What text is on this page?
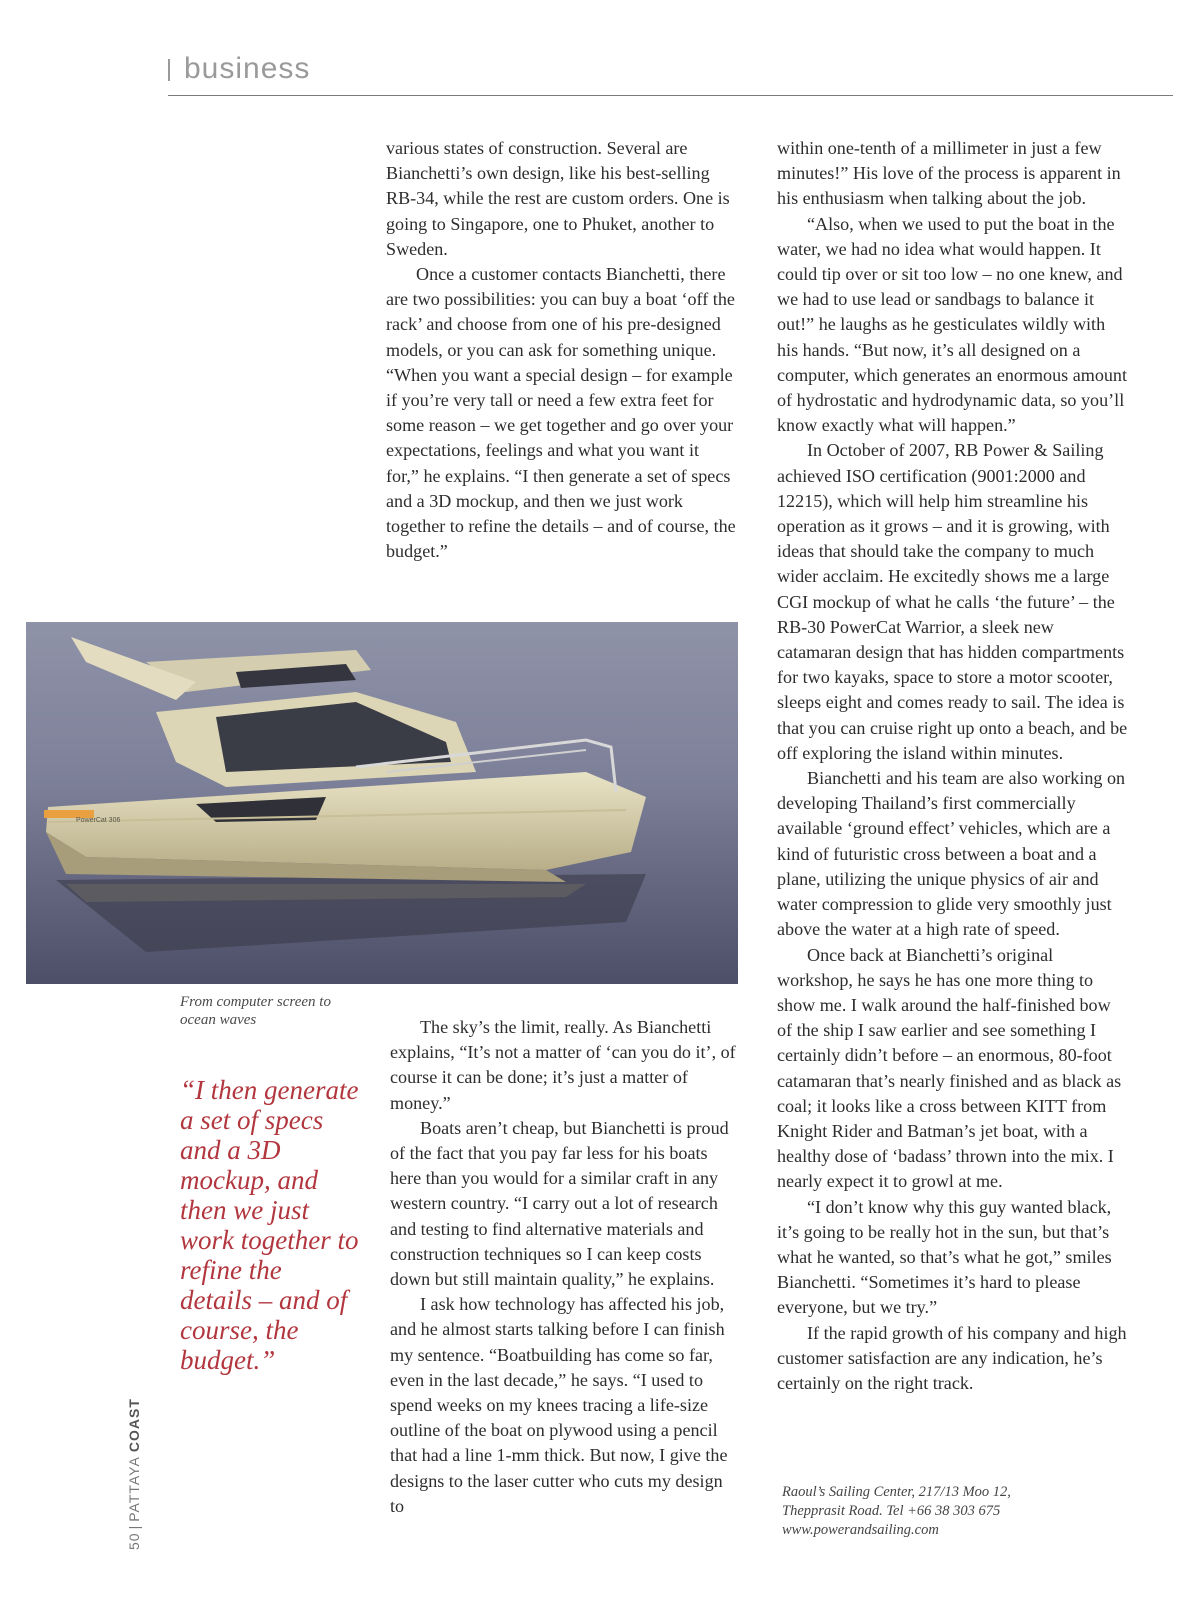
business

various states of construction. Several are Bianchetti’s own design, like his best-selling RB-34, while the rest are custom orders. One is going to Singapore, one to Phuket, another to Sweden.

Once a customer contacts Bianchetti, there are two possibilities: you can buy a boat ‘off the rack’ and choose from one of his pre-designed models, or you can ask for something unique. “When you want a special design – for example if you’re very tall or need a few extra feet for some reason – we get together and go over your expectations, feelings and what you want it for,” he explains. “I then generate a set of specs and a 3D mockup, and then we just work together to refine the details – and of course, the budget.”

PowerCat 306
From computer screen to ocean waves
“I then generate a set of specs and a 3D mockup, and then we just work together to refine the details – and of course, the budget.”

The sky’s the limit, really. As Bianchetti explains, “It’s not a matter of ‘can you do it’, of course it can be done; it’s just a matter of money.”

Boats aren’t cheap, but Bianchetti is proud of the fact that you pay far less for his boats here than you would for a similar craft in any western country. “I carry out a lot of research and testing to find alternative materials and construction techniques so I can keep costs down but still maintain quality,” he explains.

I ask how technology has affected his job, and he almost starts talking before I can finish my sentence. “Boatbuilding has come so far, even in the last decade,” he says. “I used to spend weeks on my knees tracing a life-size outline of the boat on plywood using a pencil that had a line 1-mm thick. But now, I give the designs to the laser cutter who cuts my design to

within one-tenth of a millimeter in just a few minutes!” His love of the process is apparent in his enthusiasm when talking about the job.

“Also, when we used to put the boat in the water, we had no idea what would happen. It could tip over or sit too low – no one knew, and we had to use lead or sandbags to balance it out!” he laughs as he gesticulates wildly with his hands. “But now, it’s all designed on a computer, which generates an enormous amount of hydrostatic and hydrodynamic data, so you’ll know exactly what will happen.”

In October of 2007, RB Power & Sailing achieved ISO certification (9001:2000 and 12215), which will help him streamline his operation as it grows – and it is growing, with ideas that should take the company to much wider acclaim. He excitedly shows me a large CGI mockup of what he calls ‘the future’ – the RB-30 PowerCat Warrior, a sleek new catamaran design that has hidden compartments for two kayaks, space to store a motor scooter, sleeps eight and comes ready to sail. The idea is that you can cruise right up onto a beach, and be off exploring the island within minutes.

Bianchetti and his team are also working on developing Thailand’s first commercially available ‘ground effect’ vehicles, which are a kind of futuristic cross between a boat and a plane, utilizing the unique physics of air and water compression to glide very smoothly just above the water at a high rate of speed.

Once back at Bianchetti’s original workshop, he says he has one more thing to show me. I walk around the half-finished bow of the ship I saw earlier and see something I certainly didn’t before – an enormous, 80-foot catamaran that’s nearly finished and as black as coal; it looks like a cross between KITT from Knight Rider and Batman’s jet boat, with a healthy dose of ‘badass’ thrown into the mix. I nearly expect it to growl at me.

“I don’t know why this guy wanted black, it’s going to be really hot in the sun, but that’s what he wanted, so that’s what he got,” smiles Bianchetti. “Sometimes it’s hard to please everyone, but we try.”

If the rapid growth of his company and high customer satisfaction are any indication, he’s certainly on the right track.

Raoul’s Sailing Center, 217/13 Moo 12,
Thepprasit Road. Tel +66 38 303 675
www.powerandsailing.com
50|PATTAYA COAST
